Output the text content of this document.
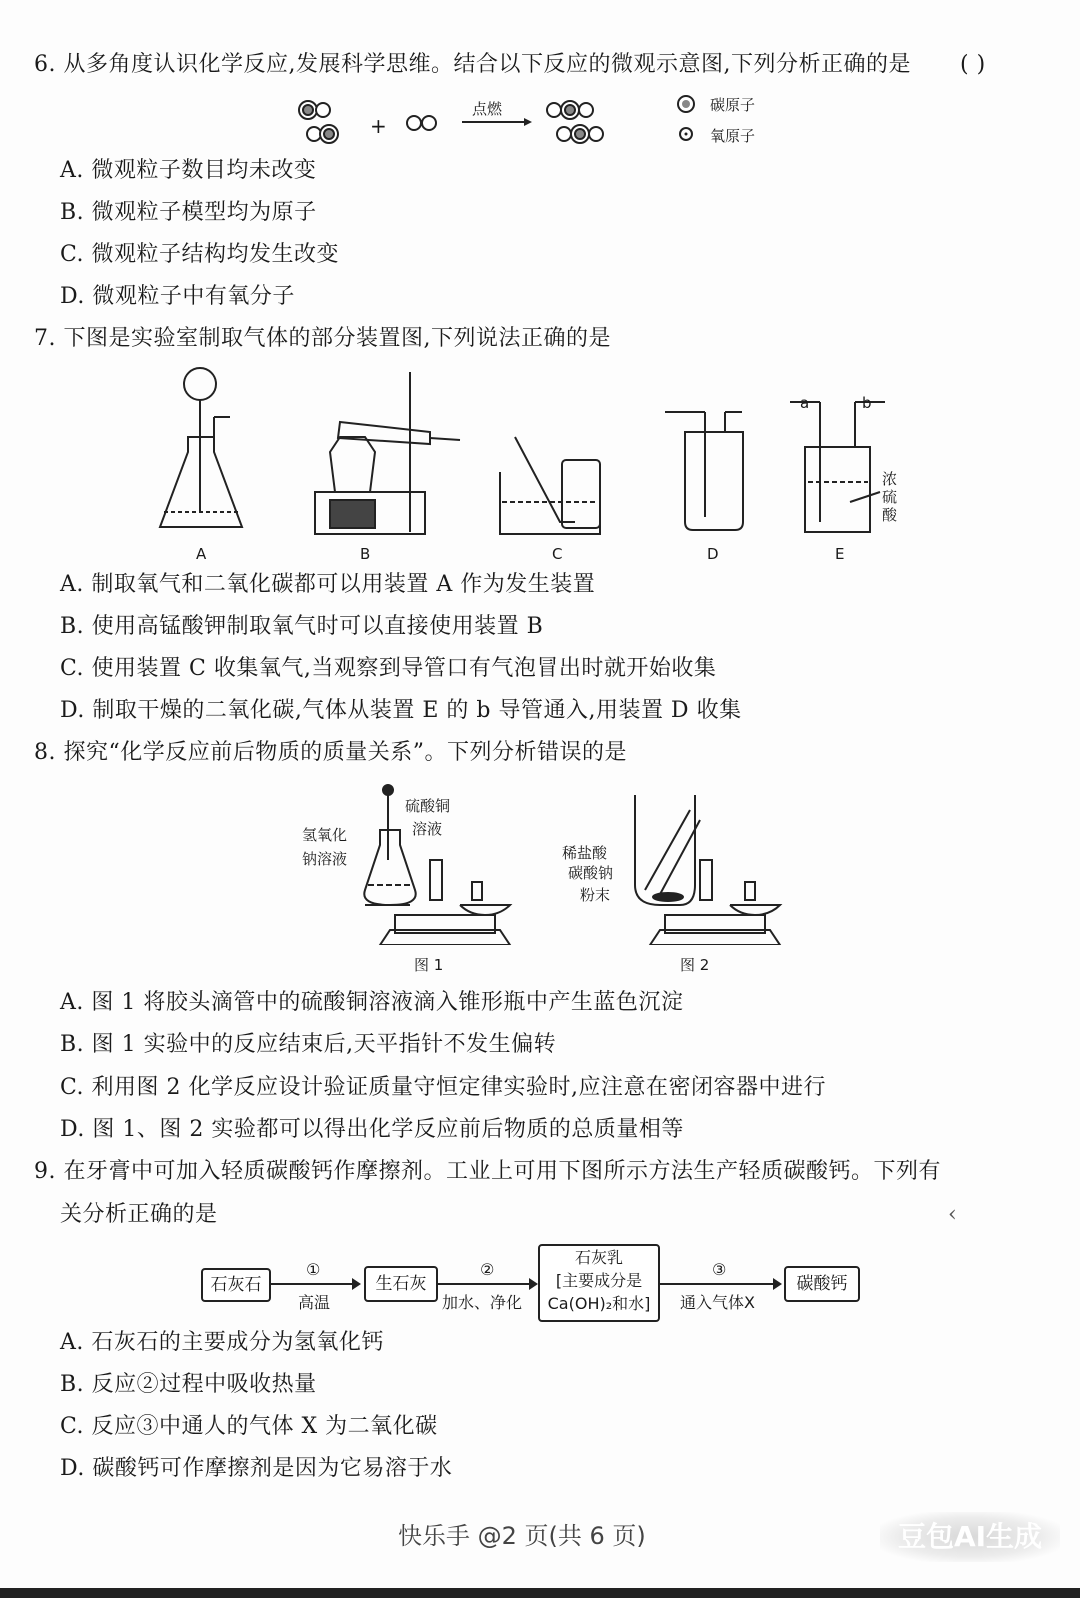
6. 从多角度认识化学反应,发展科学思维。结合以下反应的微观示意图,下列分析正确的是 ( )
+
点燃	碳原子
氧原子
A. 微观粒子数目均未改变
B. 微观粒子模型均为原子
C. 微观粒子结构均发生改变
D. 微观粒子中有氧分子
7. 下图是实验室制取气体的部分装置图,下列说法正确的是
A	B	C	D	E
a	b
浓硫酸
A. 制取氧气和二氧化碳都可以用装置 A 作为发生装置
B. 使用高锰酸钾制取氧气时可以直接使用装置 B
C. 使用装置 C 收集氧气,当观察到导管口有气泡冒出时就开始收集
D. 制取干燥的二氧化碳,气体从装置 E 的 b 导管通入,用装置 D 收集
8. 探究“化学反应前后物质的质量关系”。下列分析错误的是
硫酸铜
溶液
氢氧化
钠溶液	稀盐酸
碳酸钠
粉末
图 1	图 2
A. 图 1 将胶头滴管中的硫酸铜溶液滴入锥形瓶中产生蓝色沉淀
B. 图 1 实验中的反应结束后,天平指针不发生偏转
C. 利用图 2 化学反应设计验证质量守恒定律实验时,应注意在密闭容器中进行
D. 图 1、图 2 实验都可以得出化学反应前后物质的总质量相等
9. 在牙膏中可加入轻质碳酸钙作摩擦剂。工业上可用下图所示方法生产轻质碳酸钙。下列有
关分析正确的是	‹
石灰石
①
高温
生石灰
②
加水、净化
石灰乳
[主要成分是
Ca(OH)₂和水]
③
通入气体X
碳酸钙
A. 石灰石的主要成分为氢氧化钙
B. 反应②过程中吸收热量
C. 反应③中通人的气体 X 为二氧化碳
D. 碳酸钙可作摩擦剂是因为它易溶于水
快乐手 @2 页(共 6 页)	豆包AI生成
